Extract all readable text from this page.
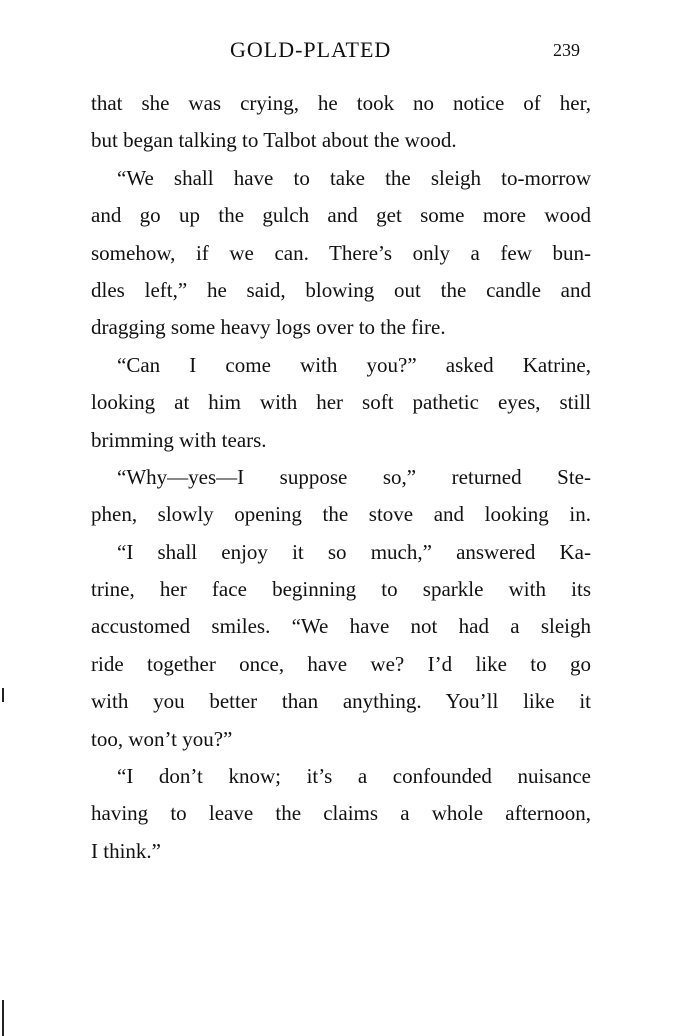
GOLD-PLATED	239
that she was crying, he took no notice of her,
but began talking to Talbot about the wood.
“We shall have to take the sleigh to-morrow
and go up the gulch and get some more wood
somehow, if we can. There’s only a few bun-
dles left,” he said, blowing out the candle and
dragging some heavy logs over to the fire.
“Can I come with you?” asked Katrine,
looking at him with her soft pathetic eyes, still
brimming with tears.
“Why—yes—I suppose so,” returned Ste-
phen, slowly opening the stove and looking in.
“I shall enjoy it so much,” answered Ka-
trine, her face beginning to sparkle with its
accustomed smiles. “We have not had a sleigh
ride together once, have we? I’d like to go
with you better than anything. You’ll like it
too, won’t you?”
“I don’t know; it’s a confounded nuisance
having to leave the claims a whole afternoon,
I think.”
